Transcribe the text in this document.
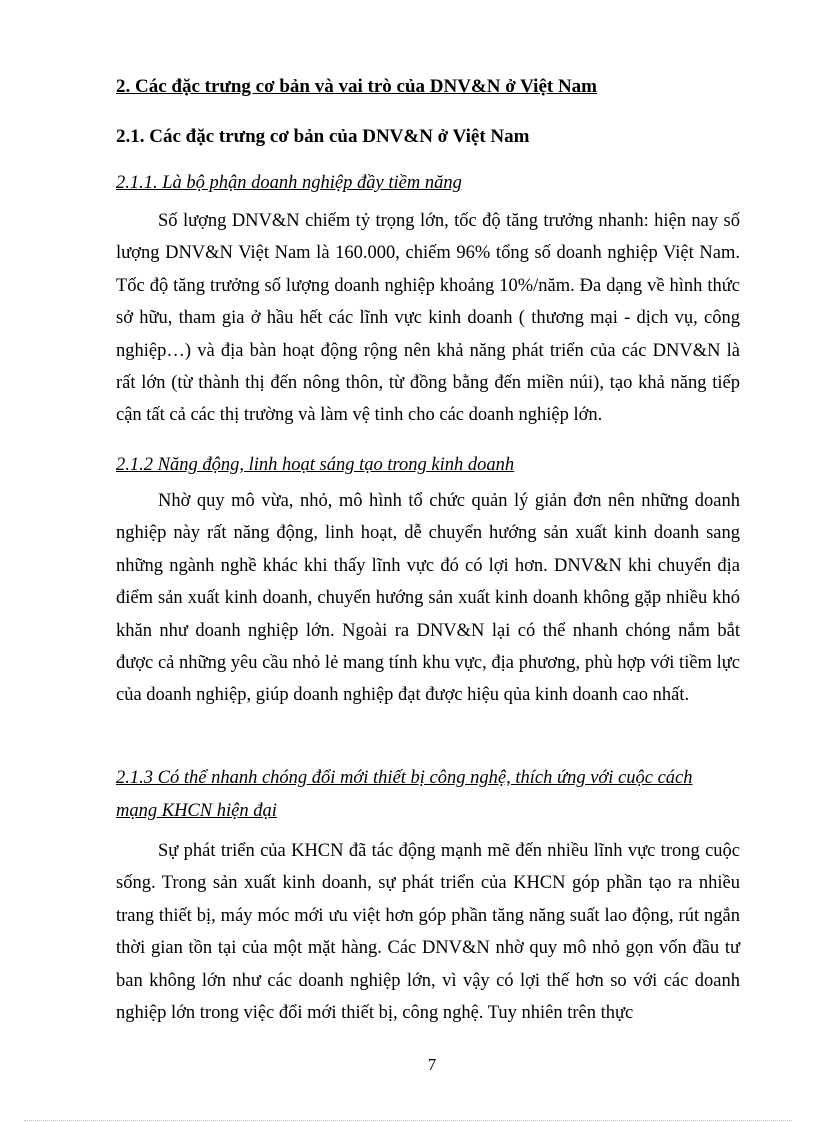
2. Các đặc trưng cơ bản và vai trò của DNV&N ở Việt Nam
2.1. Các đặc trưng cơ bản của DNV&N ở Việt Nam
2.1.1. Là bộ phận doanh nghiệp đầy tiềm năng

Số lượng DNV&N chiếm tỷ trọng lớn, tốc độ tăng trưởng nhanh: hiện nay số lượng DNV&N Việt Nam là 160.000, chiếm 96% tổng số doanh nghiệp Việt Nam. Tốc độ tăng trưởng số lượng doanh nghiệp khoảng 10%/năm. Đa dạng về hình thức sở hữu, tham gia ở hầu hết các lĩnh vực kinh doanh ( thương mại - dịch vụ, công nghiệp…) và địa bàn hoạt động rộng nên khả năng phát triển của các DNV&N là rất lớn (từ thành thị đến nông thôn, từ đồng bằng đến miền núi), tạo khả năng tiếp cận tất cả các thị trường và làm vệ tinh cho các doanh nghiệp lớn.

2.1.2 Năng động, linh hoạt sáng tạo trong kinh doanh

Nhờ quy mô vừa, nhỏ, mô hình tổ chức quản lý giản đơn nên những doanh nghiệp này rất năng động, linh hoạt, dễ chuyển hướng sản xuất kinh doanh sang những ngành nghề khác khi thấy lĩnh vực đó có lợi hơn. DNV&N khi chuyển địa điểm sản xuất kinh doanh, chuyển hướng sản xuất kinh doanh không gặp nhiều khó khăn như doanh nghiệp lớn. Ngoài ra DNV&N lại có thể nhanh chóng nắm bắt được cả những yêu cầu nhỏ lẻ mang tính khu vực, địa phương, phù hợp với tiềm lực của doanh nghiệp, giúp doanh nghiệp đạt được hiệu qủa kinh doanh cao nhất.

2.1.3 Có thể nhanh chóng đổi mới thiết bị công nghệ, thích ứng với cuộc cách
mạng KHCN hiện đại

Sự phát triển của KHCN đã tác động mạnh mẽ đến nhiều lĩnh vực trong cuộc sống. Trong sản xuất kinh doanh, sự phát triển của KHCN góp phần tạo ra nhiều trang thiết bị, máy móc mới ưu việt hơn góp phần tăng năng suất lao động, rút ngắn thời gian tồn tại của một mặt hàng. Các DNV&N nhờ quy mô nhỏ gọn vốn đầu tư ban không lớn như các doanh nghiệp lớn, vì vậy có lợi thế hơn so với các doanh nghiệp lớn trong việc đổi mới thiết bị, công nghệ. Tuy nhiên trên thực

7
